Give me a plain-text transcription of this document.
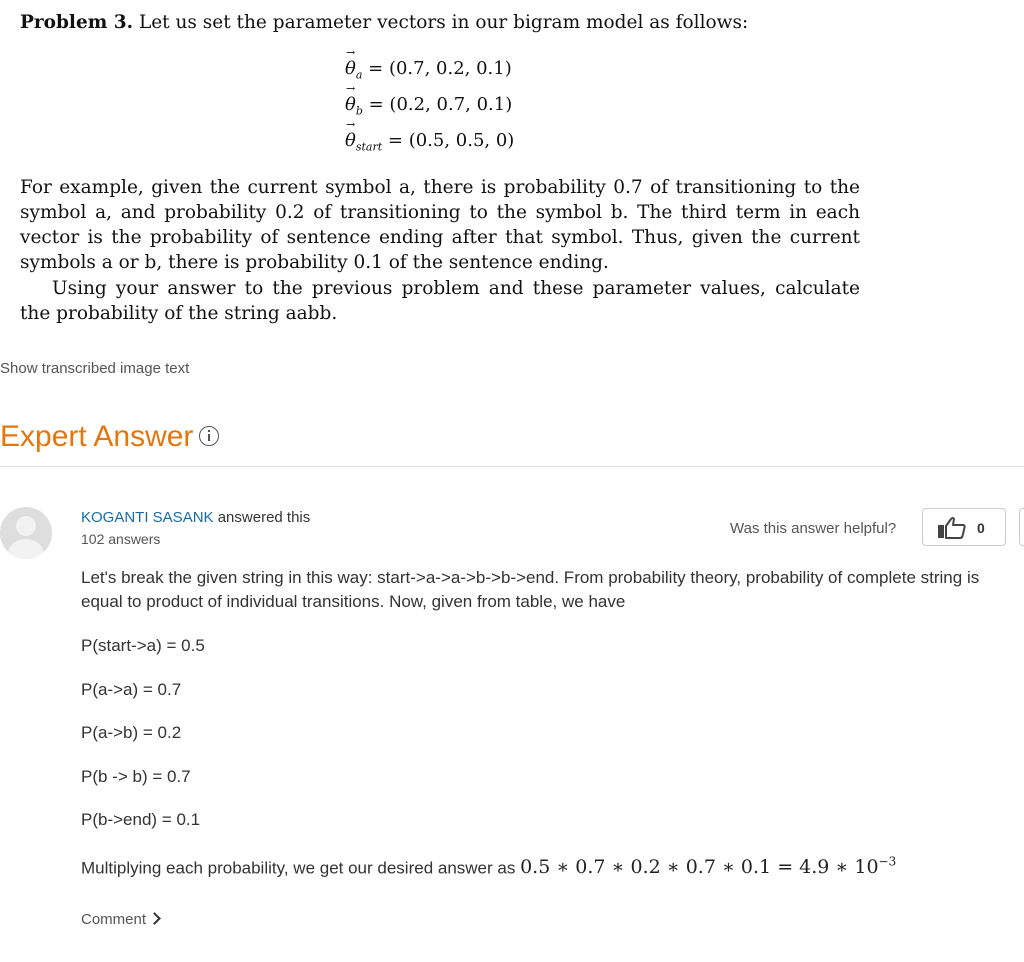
Problem 3. Let us set the parameter vectors in our bigram model as follows:
→ $\theta_a = (0.7$, 0.2, 0.1)
→ $\theta_b = (0.2$, 0.7, 0.1)
→ $\theta_{start} = (0.5$, 0.5, 0)
For example, given the current symbol a, there is probability 0.7 of transitioning to the symbol a, and probability 0.2 of transitioning to the symbol b. The third term in each vector is the probability of sentence ending after that symbol. Thus, given the current symbols a or b, there is probability 0.1 of the sentence ending.
Using your answer to the previous problem and these parameter values, calculate the probability of the string aabb.
Show transcribed image text
Expert Answer
KOGANTI SASANK answered this
102 answers
Was this answer helpful?	0
Let's break the given string in this way: start->a->a->b->b->end. From probability theory, probability of complete string is equal to product of individual transitions. Now, given from table, we have
P(start->a) = 0.5
P(a->a) = 0.7
P(a->b) = 0.2
P(b -> b) = 0.7
P(b->end) = 0.1
Multiplying each probability, we get our desired answer as 0.5 ∗ 0.7 ∗ 0.2 ∗ 0.7 ∗ 0.1 = 4.9 ∗ $10^{-3}$
Comment
